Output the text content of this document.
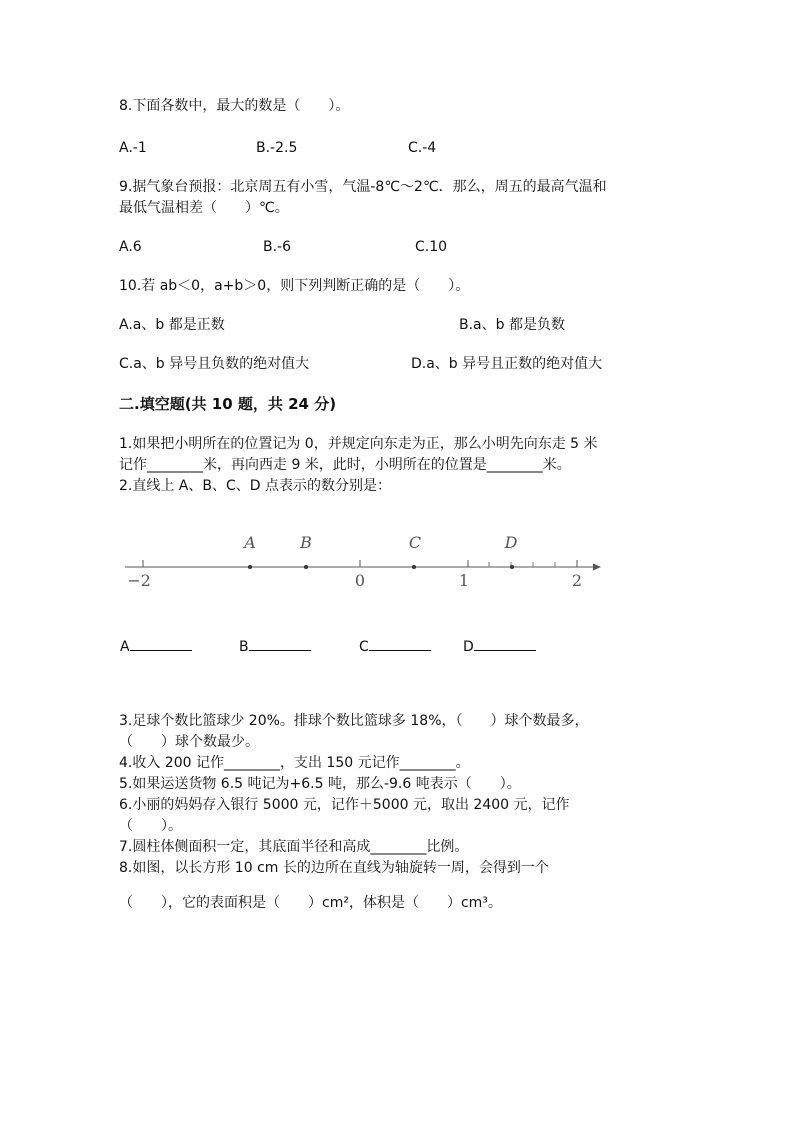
8.下面各数中，最大的数是（　　）。
A.-1	B.-2.5	C.-4
9.据气象台预报：北京周五有小雪，气温-8℃～2℃．那么，周五的最高气温和
最低气温相差（　　）℃。
A.6	B.-6	C.10
10.若 ab＜0，a+b＞0，则下列判断正确的是（　　）。
A.a、b 都是正数	B.a、b 都是负数
C.a、b 异号且负数的绝对值大	D.a、b 异号且正数的绝对值大
二.填空题(共 10 题，共 24 分)
1.如果把小明所在的位置记为 0，并规定向东走为正，那么小明先向东走 5 米
记作________米，再向西走 9 米，此时，小明所在的位置是________米。
2.直线上 A、B、C、D 点表示的数分别是：
A	B	C	D
−2	0	1	2
A	B	C	D
3.足球个数比篮球少 20%。排球个数比篮球多 18%，（　　）球个数最多，
（　　）球个数最少。
4.收入 200 记作________，支出 150 元记作________。
5.如果运送货物 6.5 吨记为+6.5 吨，那么-9.6 吨表示（　　）。
6.小丽的妈妈存入银行 5000 元，记作＋5000 元，取出 2400 元，记作
（　　）。
7.圆柱体侧面积一定，其底面半径和高成________比例。
8.如图，以长方形 10 cm 长的边所在直线为轴旋转一周，会得到一个
（　　），它的表面积是（　　）cm²，体积是（　　）cm³。
